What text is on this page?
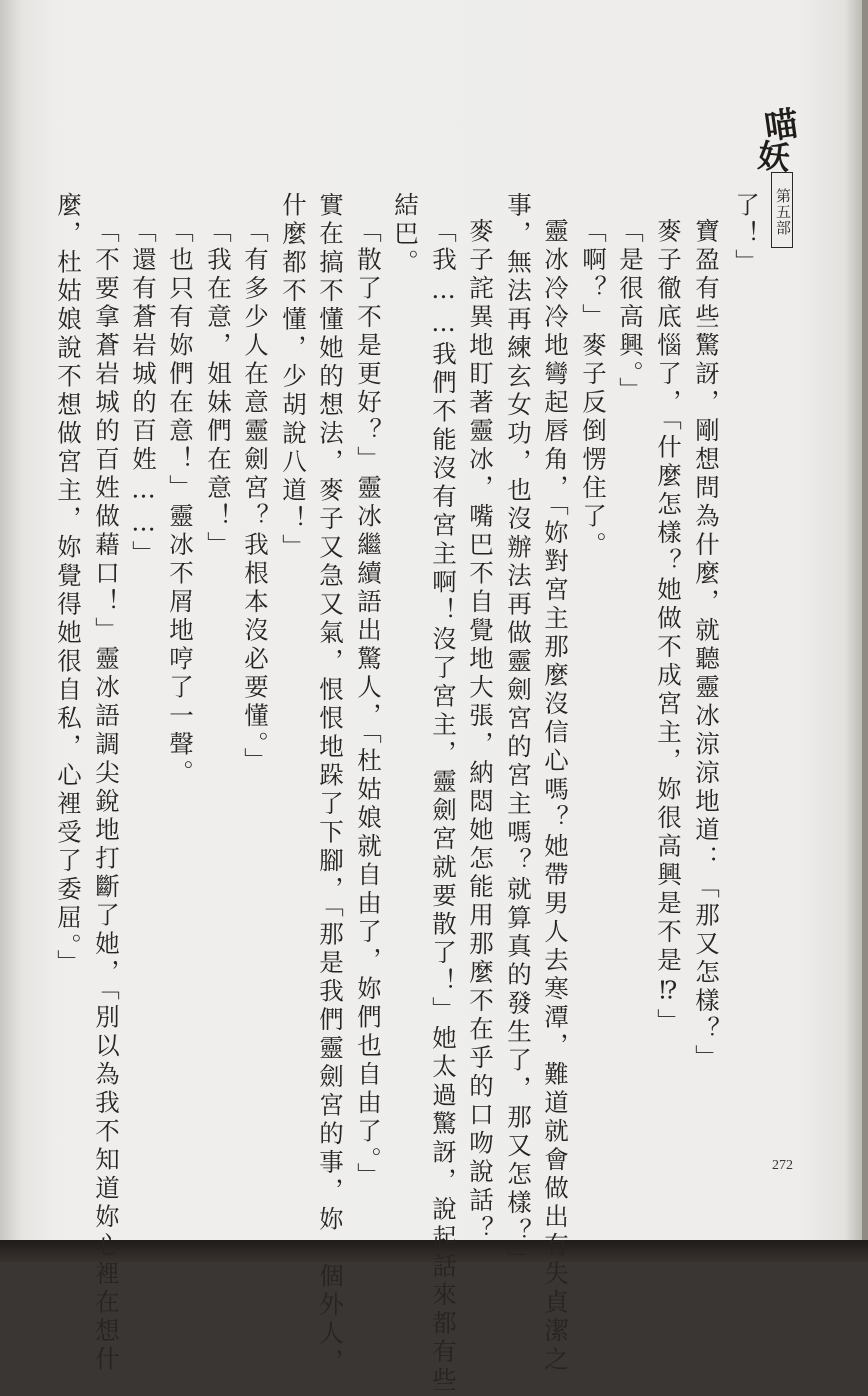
喵
妖
第五部
了！」
寶盈有些驚訝，剛想問為什麼，就聽靈冰涼涼地道：「那又怎樣？」
麥子徹底惱了，「什麼怎樣？她做不成宮主，妳很高興是不是⁉」
「是很高興。」
「啊？」麥子反倒愣住了。
靈冰冷冷地彎起唇角，「妳對宮主那麼沒信心嗎？她帶男人去寒潭，難道就會做出有失貞潔之
事，無法再練玄女功，也沒辦法再做靈劍宮的宮主嗎？就算真的發生了，那又怎樣？」
麥子詫異地盯著靈冰，嘴巴不自覺地大張，納悶她怎能用那麼不在乎的口吻說話？
「我……我們不能沒有宮主啊！沒了宮主，靈劍宮就要散了！」她太過驚訝，說起話來都有些
結巴。
「散了不是更好？」靈冰繼續語出驚人，「杜姑娘就自由了，妳們也自由了。」
實在搞不懂她的想法，麥子又急又氣，恨恨地跺了下腳，「那是我們靈劍宮的事，妳一個外人，
什麼都不懂，少胡說八道！」
「有多少人在意靈劍宮？我根本沒必要懂。」
「我在意，姐妹們在意！」
「也只有妳們在意！」靈冰不屑地哼了一聲。
「還有蒼岩城的百姓……」
「不要拿蒼岩城的百姓做藉口！」靈冰語調尖銳地打斷了她，「別以為我不知道妳心裡在想什
麼，杜姑娘說不想做宮主，妳覺得她很自私，心裡受了委屈。」
272
